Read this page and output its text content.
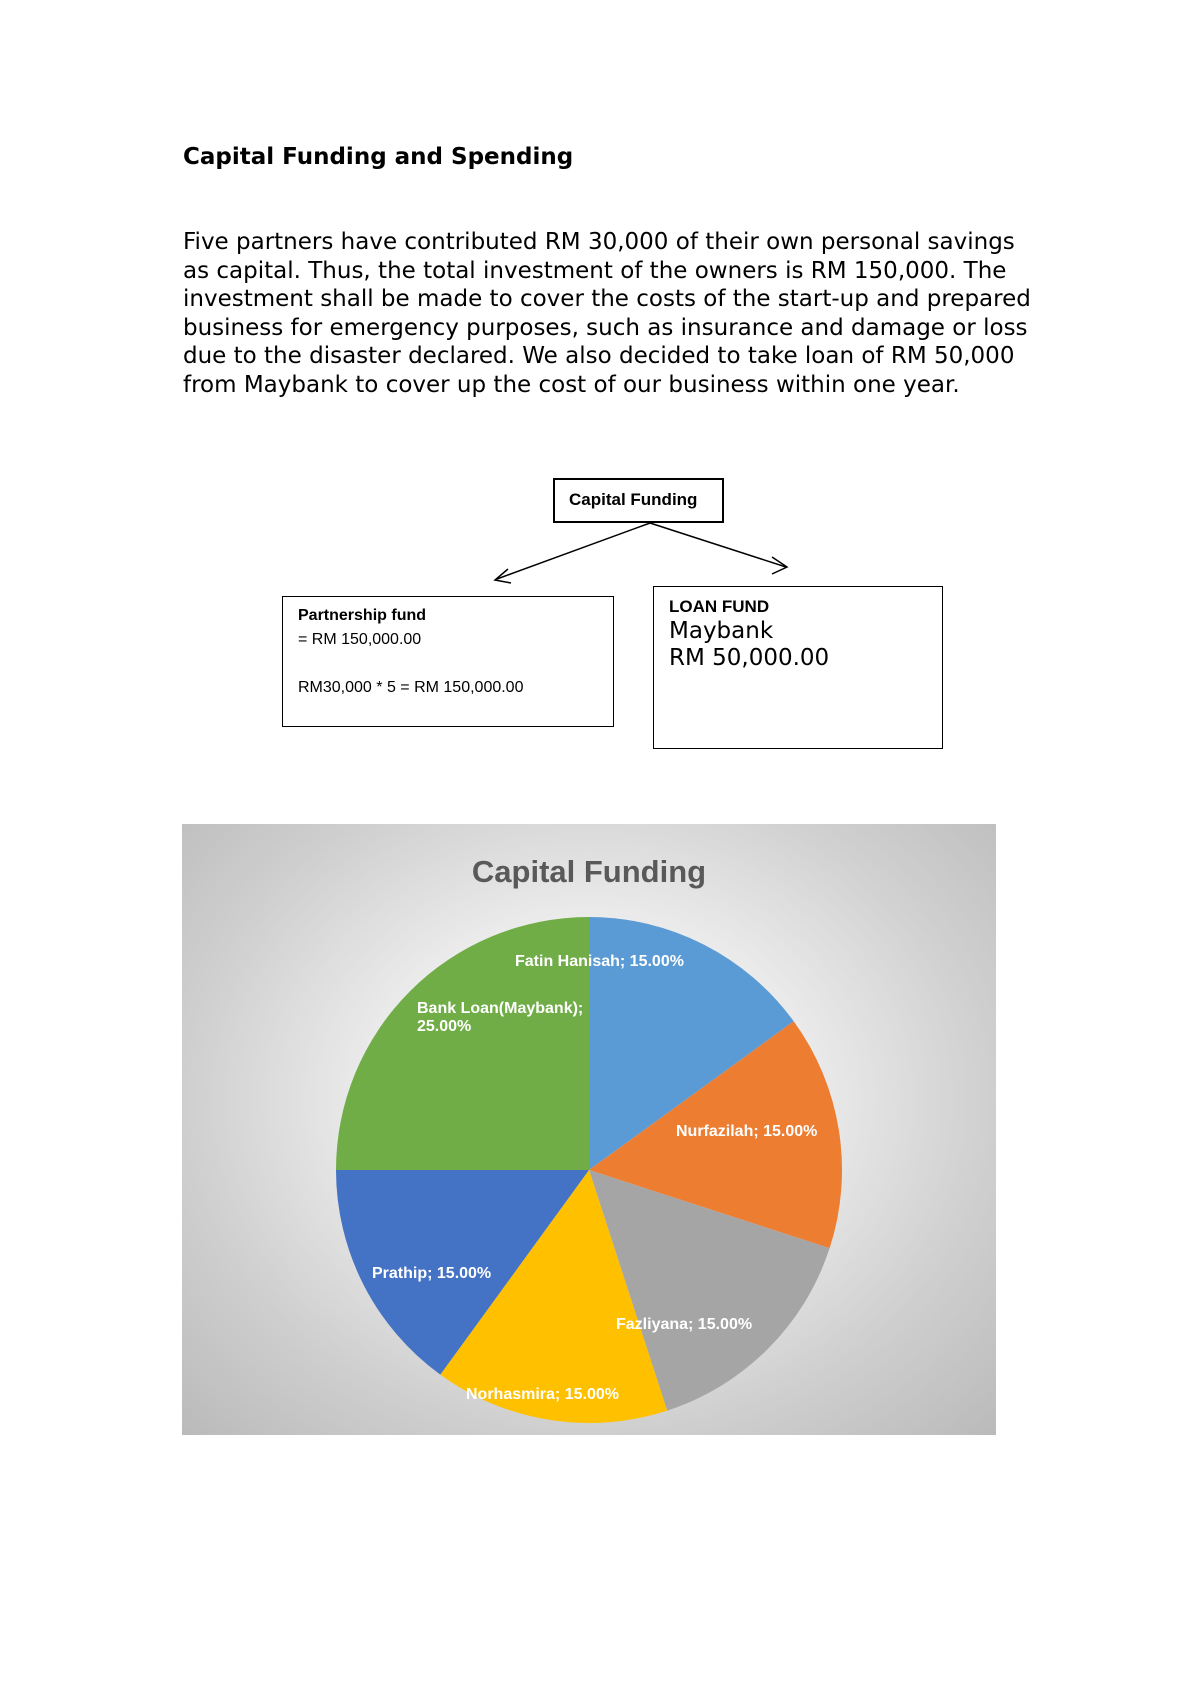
Capital Funding and Spending

Five partners have contributed RM 30,000 of their own personal savings as capital. Thus, the total investment of the owners is RM 150,000. The investment shall be made to cover the costs of the start-up and prepared business for emergency purposes, such as insurance and damage or loss due to the disaster declared. We also decided to take loan of RM 50,000 from Maybank to cover up the cost of our business within one year.

Capital Funding
Partnership fund
= RM 150,000.00
RM30,000 * 5 = RM 150,000.00
LOAN FUND
Maybank
RM 50,000.00
Capital Funding
Fatin Hanisah; 15.00%
Nurfazilah; 15.00%
Fazliyana; 15.00%
Norhasmira; 15.00%
Prathip; 15.00%
Bank Loan(Maybank); 25.00%
